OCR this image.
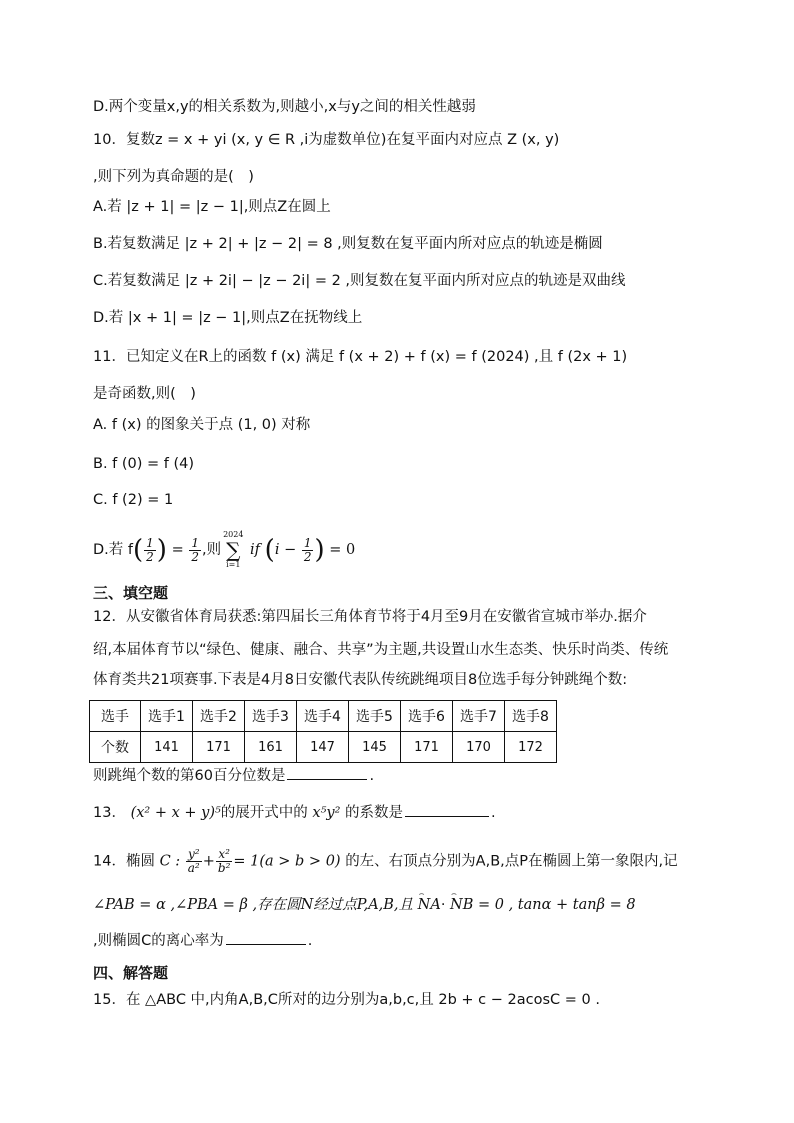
D.两个变量x,y的相关系数为,则越小,x与y之间的相关性越弱
10．复数z = x + yi (x, y ∈ R ,i为虚数单位)在复平面内对应点 Z (x, y)
,则下列为真命题的是(　)
A.若 |z + 1| = |z − 1|,则点Z在圆上
B.若复数满足 |z + 2| + |z − 2| = 8 ,则复数在复平面内所对应点的轨迹是椭圆
C.若复数满足 |z + 2i| − |z − 2i| = 2 ,则复数在复平面内所对应点的轨迹是双曲线
D.若 |x + 1| = |z − 1|,则点Z在抚物线上
11．已知定义在R上的函数 f (x) 满足 f (x + 2) + f (x) = f (2024) ,且 f (2x + 1)
是奇函数,则(　)
A. f (x) 的图象关于点 (1, 0) 对称
B. f (0) = f (4)
C. f (2) = 1
D.若 $f( \frac{1}{2}$ ) = $\frac{1}{2}$ ,则
2024
∑
i=1
if ($i - \frac{1}{2}$ ) = 0
三、填空题
12．从安徽省体育局获悉:第四届长三角体育节将于4月至9月在安徽省宣城市举办.据介
绍,本届体育节以“绿色、健康、融合、共享”为主题,共设置山水生态类、快乐时尚类、传统
体育类共21项赛事.下表是4月8日安徽代表队传统跳绳项目8位选手每分钟跳绳个数:
选手	选手1	选手2	选手3	选手4	选手5	选手6	选手7	选手8
个数	141	171	161	147	145	171	170	172
则跳绳个数的第60百分位数是	.
13． (x² + x + y)⁵的展开式中的 x⁵y² 的系数是	.
14．椭圆 C : $\frac{\text{y²}}{\text{a²}} + \frac{\text{x²}}{\text{b²}} = 1(a > b > 0)$ 的左、右顶点分别为A,B,点P在椭圆上第一象限内,记
∠PAB = α ,∠PBA = β ,存在圆N经过点P,A,B,且 ⌢ NA· ⌢ NB = 0 , tanα + tanβ = 8
,则椭圆C的离心率为	.
四、解答题
15．在 △ABC 中,内角A,B,C所对的边分别为a,b,c,且 2b + c − 2acosC = 0 .
